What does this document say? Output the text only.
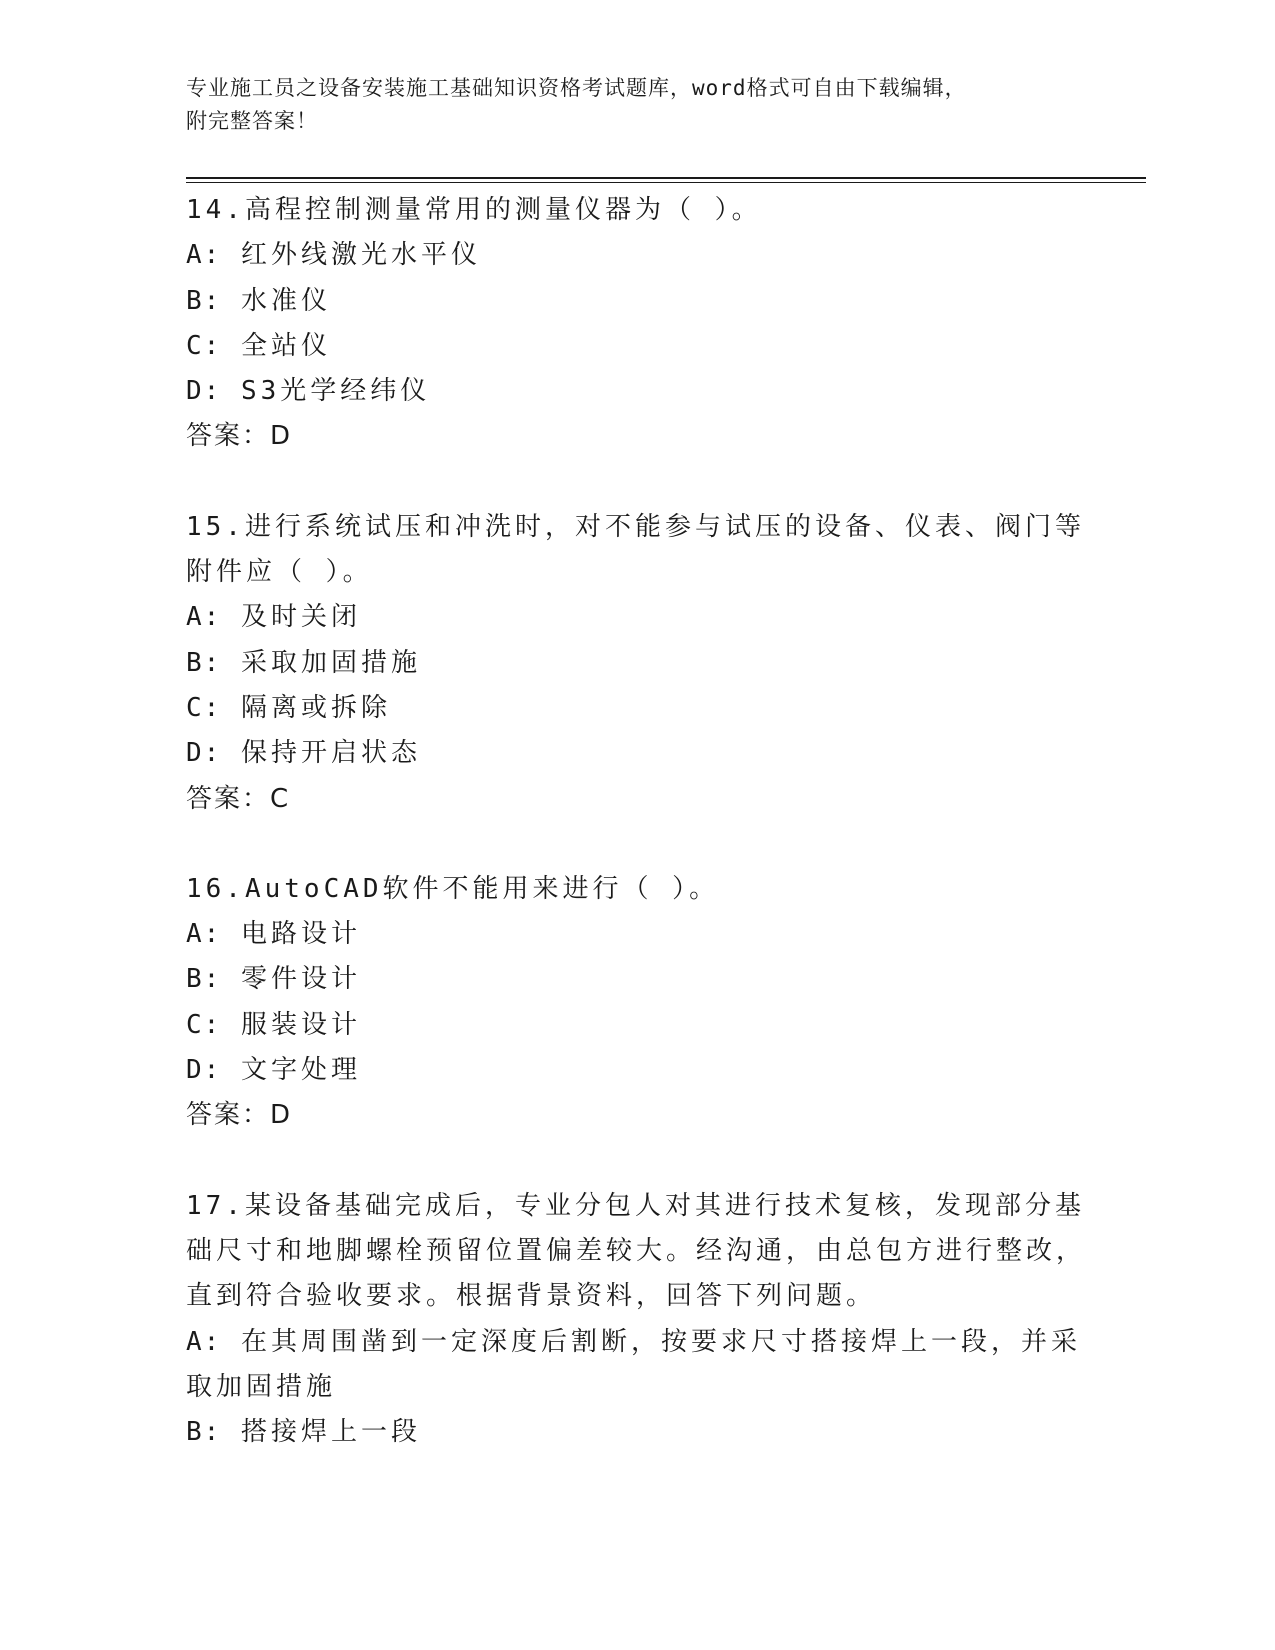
专业施工员之设备安装施工基础知识资格考试题库，word格式可自由下载编辑，
附完整答案！
14.高程控制测量常用的测量仪器为（ ）。
A: 红外线激光水平仪
B: 水准仪
C: 全站仪
D: S3光学经纬仪
答案：D
15.进行系统试压和冲洗时，对不能参与试压的设备、仪表、阀门等附件应（ ）。
A: 及时关闭
B: 采取加固措施
C: 隔离或拆除
D: 保持开启状态
答案：C
16.AutoCAD软件不能用来进行（ ）。
A: 电路设计
B: 零件设计
C: 服装设计
D: 文字处理
答案：D
17.某设备基础完成后，专业分包人对其进行技术复核，发现部分基础尺寸和地脚螺栓预留位置偏差较大。经沟通，由总包方进行整改，直到符合验收要求。根据背景资料，回答下列问题。
A: 在其周围凿到一定深度后割断，按要求尺寸搭接焊上一段，并采取加固措施
B: 搭接焊上一段
